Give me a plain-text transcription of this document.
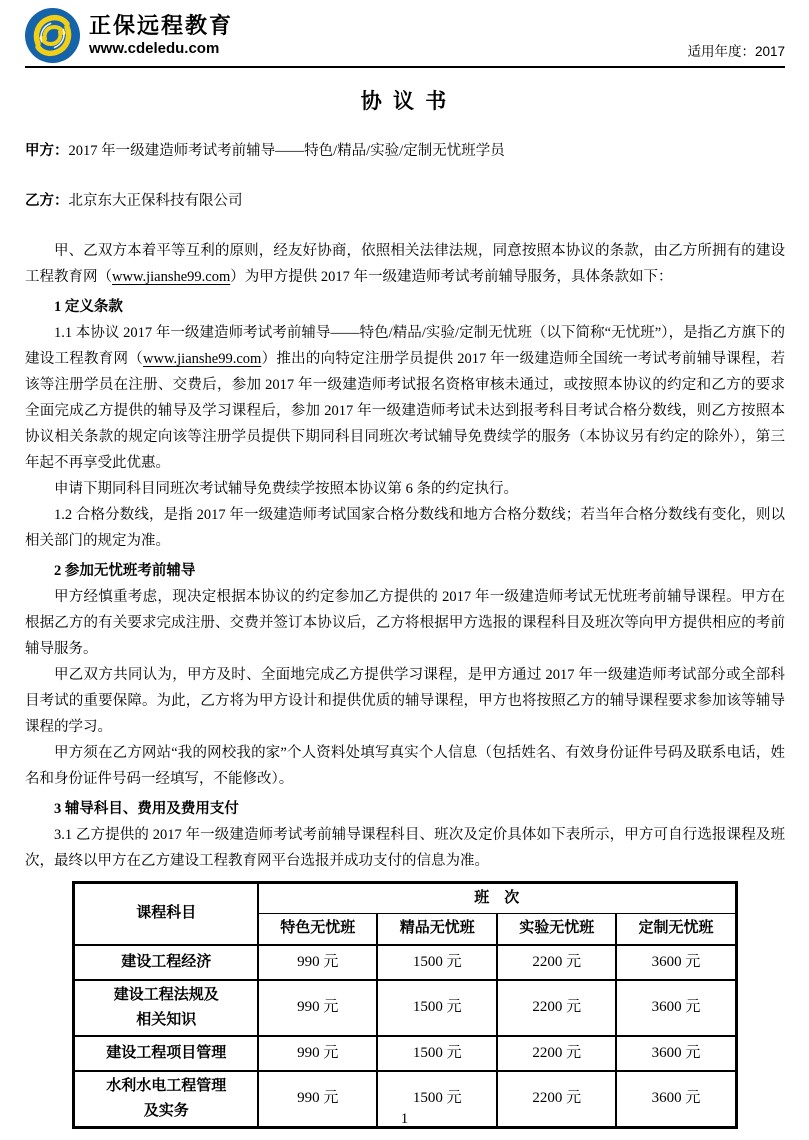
正保远程教育
www.cdeledu.com	适用年度：2017
协 议 书

甲方：2017 年一级建造师考试考前辅导——特色/精品/实验/定制无忧班学员

乙方：北京东大正保科技有限公司

甲、乙双方本着平等互利的原则，经友好协商，依照相关法律法规，同意按照本协议的条款，由乙方所拥有的建设工程教育网（www.jianshe99.com）为甲方提供 2017 年一级建造师考试考前辅导服务，具体条款如下：

1 定义条款

1.1 本协议 2017 年一级建造师考试考前辅导——特色/精品/实验/定制无忧班（以下简称“无忧班”），是指乙方旗下的建设工程教育网（www.jianshe99.com）推出的向特定注册学员提供 2017 年一级建造师全国统一考试考前辅导课程，若该等注册学员在注册、交费后，参加 2017 年一级建造师考试报名资格审核未通过，或按照本协议的约定和乙方的要求全面完成乙方提供的辅导及学习课程后，参加 2017 年一级建造师考试未达到报考科目考试合格分数线，则乙方按照本协议相关条款的规定向该等注册学员提供下期同科目同班次考试辅导免费续学的服务（本协议另有约定的除外），第三年起不再享受此优惠。

申请下期同科目同班次考试辅导免费续学按照本协议第 6 条的约定执行。

1.2 合格分数线，是指 2017 年一级建造师考试国家合格分数线和地方合格分数线；若当年合格分数线有变化，则以相关部门的规定为准。

2 参加无忧班考前辅导

甲方经慎重考虑，现决定根据本协议的约定参加乙方提供的 2017 年一级建造师考试无忧班考前辅导课程。甲方在根据乙方的有关要求完成注册、交费并签订本协议后，乙方将根据甲方选报的课程科目及班次等向甲方提供相应的考前辅导服务。

甲乙双方共同认为，甲方及时、全面地完成乙方提供学习课程，是甲方通过 2017 年一级建造师考试部分或全部科目考试的重要保障。为此，乙方将为甲方设计和提供优质的辅导课程，甲方也将按照乙方的辅导课程要求参加该等辅导课程的学习。

甲方须在乙方网站“我的网校我的家”个人资料处填写真实个人信息（包括姓名、有效身份证件号码及联系电话，姓名和身份证件号码一经填写，不能修改）。

3 辅导科目、费用及费用支付

3.1 乙方提供的 2017 年一级建造师考试考前辅导课程科目、班次及定价具体如下表所示，甲方可自行选报课程及班次，最终以甲方在乙方建设工程教育网平台选报并成功支付的信息为准。

课程科目	班　次			
	特色无忧班	精品无忧班	实验无忧班	定制无忧班
建设工程经济	990 元	1500 元	2200 元	3600 元
建设工程法规及
相关知识	990 元	1500 元	2200 元	3600 元
建设工程项目管理	990 元	1500 元	2200 元	3600 元
水利水电工程管理
及实务	990 元	1500 元	2200 元	3600 元
1
